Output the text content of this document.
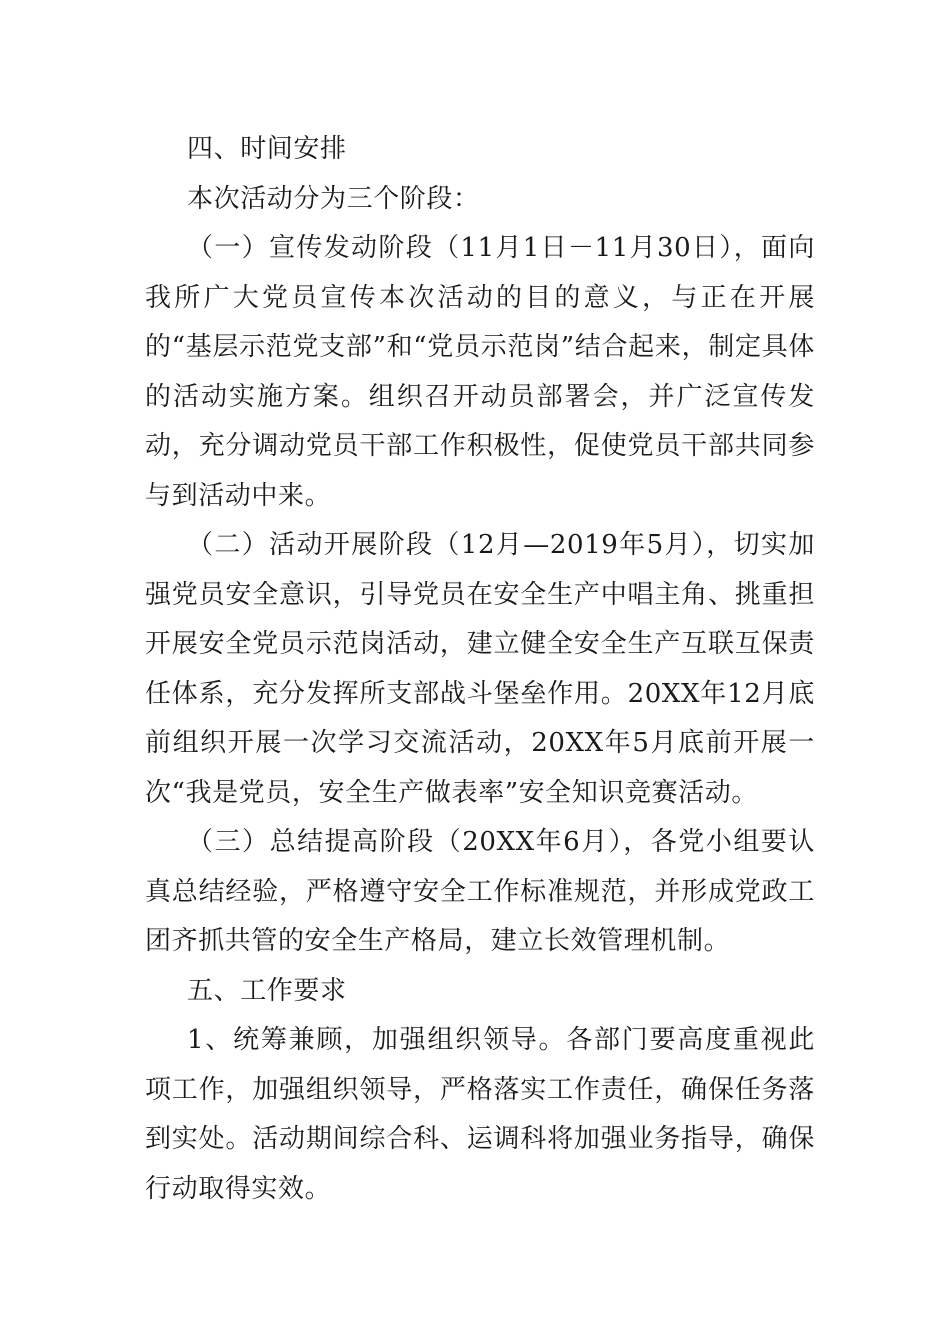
四、时间安排

本次活动分为三个阶段：

（一）宣传发动阶段（11月1日－11月30日），面向我所广大党员宣传本次活动的目的意义，与正在开展的“基层示范党支部”和“党员示范岗”结合起来，制定具体的活动实施方案。组织召开动员部署会，并广泛宣传发动，充分调动党员干部工作积极性，促使党员干部共同参与到活动中来。

（二）活动开展阶段（12月—2019年5月），切实加强党员安全意识，引导党员在安全生产中唱主角、挑重担开展安全党员示范岗活动，建立健全安全生产互联互保责任体系，充分发挥所支部战斗堡垒作用。20XX年12月底前组织开展一次学习交流活动，20XX年5月底前开展一次“我是党员，安全生产做表率”安全知识竞赛活动。

（三）总结提高阶段（20XX年6月），各党小组要认真总结经验，严格遵守安全工作标准规范，并形成党政工团齐抓共管的安全生产格局，建立长效管理机制。

五、工作要求

1、统筹兼顾，加强组织领导。各部门要高度重视此项工作，加强组织领导，严格落实工作责任，确保任务落到实处。活动期间综合科、运调科将加强业务指导，确保行动取得实效。
